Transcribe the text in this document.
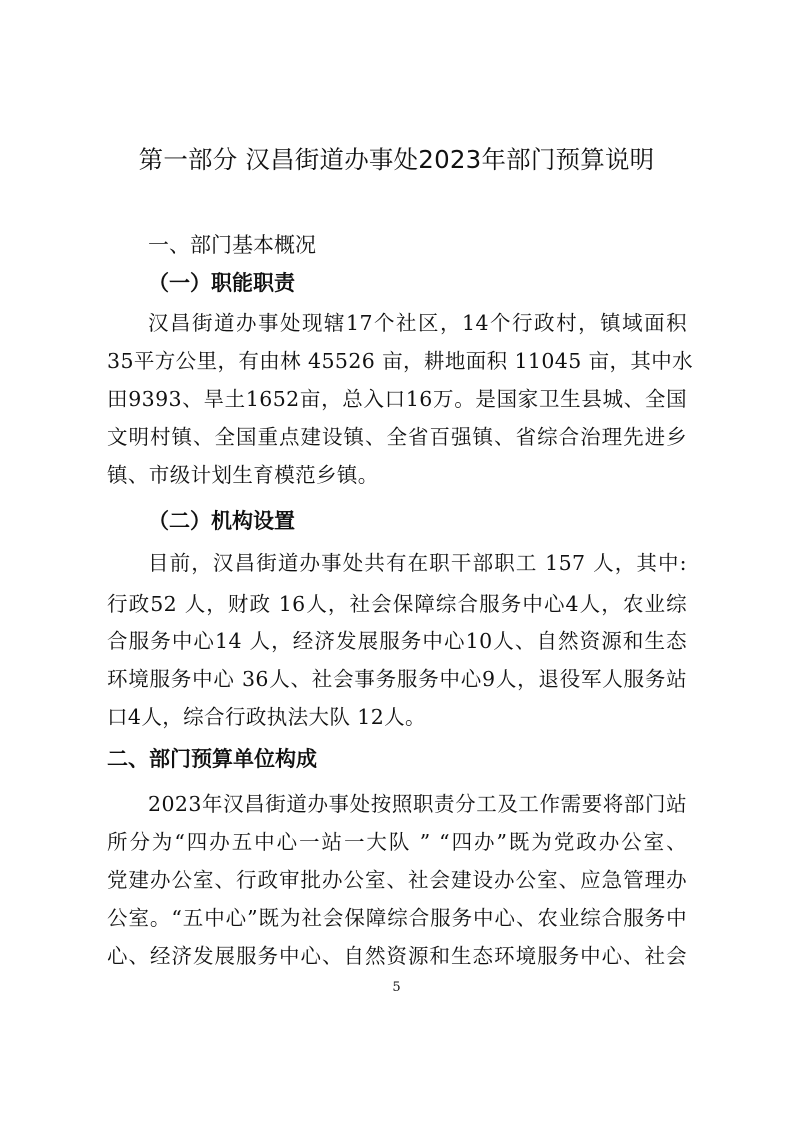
第一部分 汉昌街道办事处2023年部门预算说明
一、部门基本概况
（一）职能职责
汉昌街道办事处现辖17个社区，14个行政村，镇域面积
35平方公里，有由林 45526 亩，耕地面积 11045 亩，其中水
田9393、旱土1652亩，总入口16万。是国家卫生县城、全国
文明村镇、全国重点建设镇、全省百强镇、省综合治理先进乡
镇、市级计划生育模范乡镇。
（二）机构设置
目前，汉昌街道办事处共有在职干部职工 157 人，其中:
行政52 人，财政 16人，社会保障综合服务中心4人，农业综
合服务中心14 人，经济发展服务中心10人、自然资源和生态
环境服务中心 36人、社会事务服务中心9人，退役军人服务站
口4人，综合行政执法大队 12人。
二、部门预算单位构成
2023年汉昌街道办事处按照职责分工及工作需要将部门站
所分为“四办五中心一站一大队 ” “四办”既为党政办公室、
党建办公室、行政审批办公室、社会建设办公室、应急管理办
公室。“五中心”既为社会保障综合服务中心、农业综合服务中
心、经济发展服务中心、自然资源和生态环境服务中心、社会
5
